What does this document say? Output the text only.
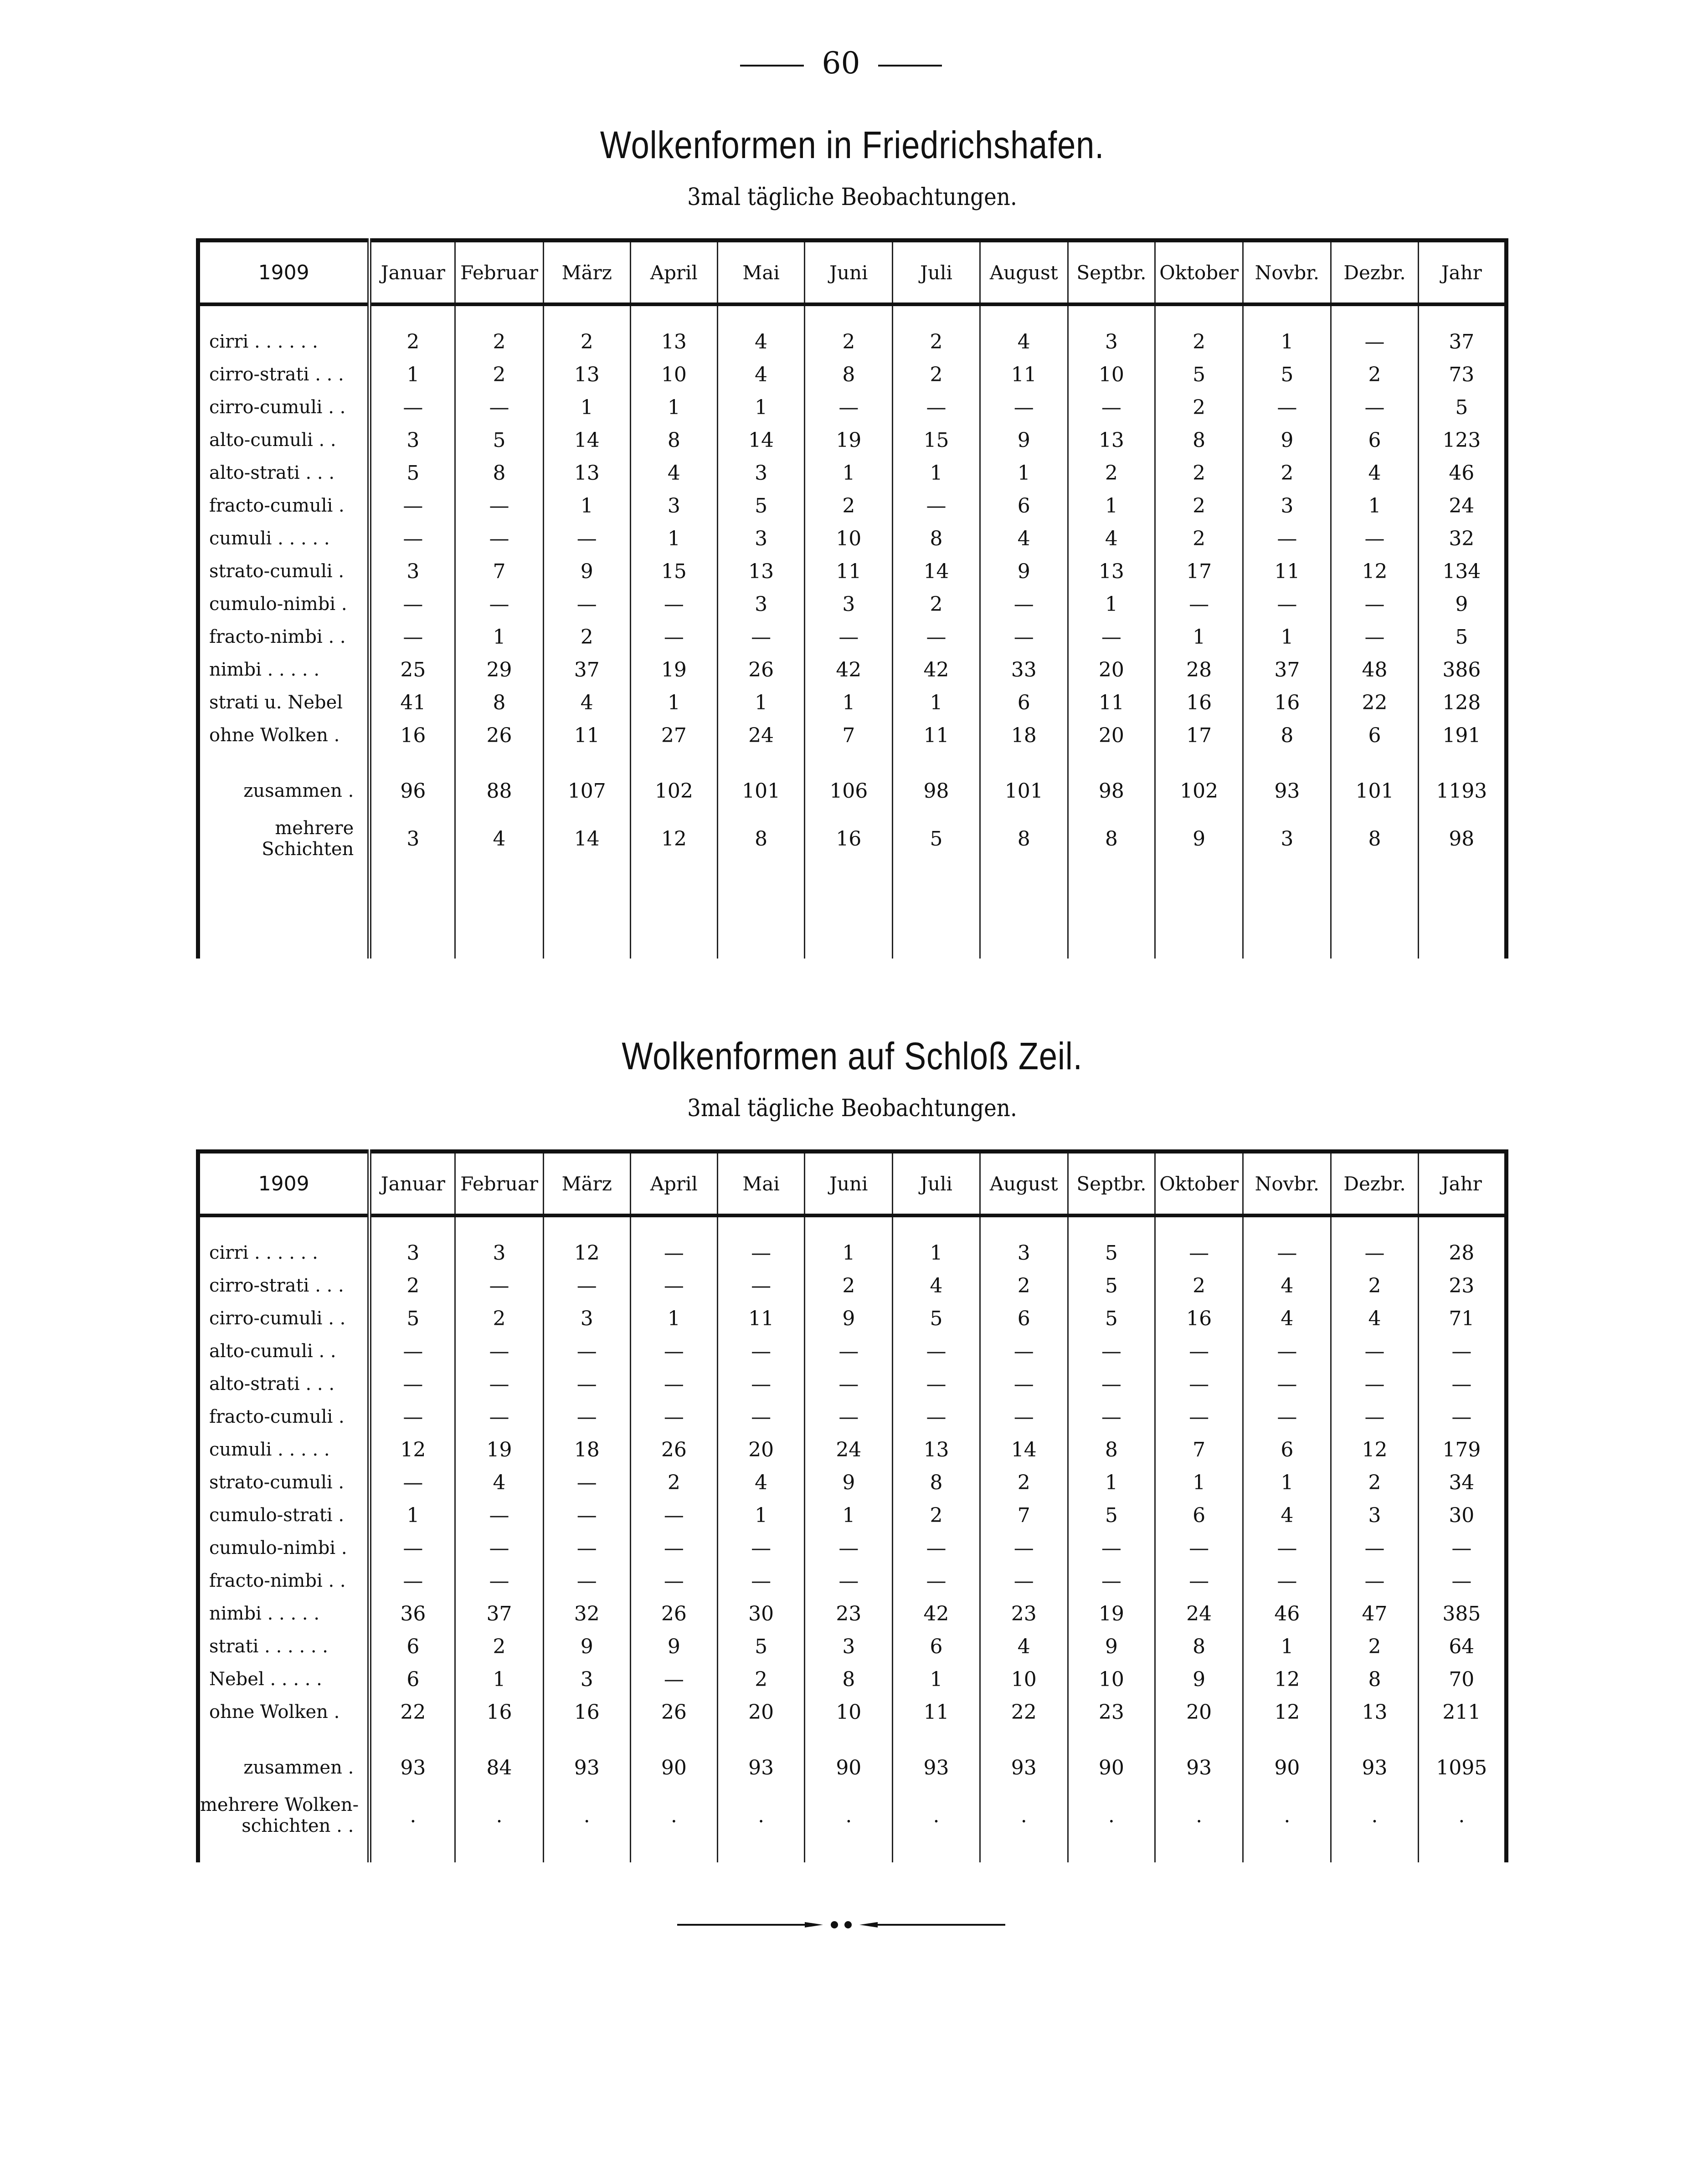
60
Wolkenformen in Friedrichshafen.
3mal tägliche Beobachtungen.
1909	Januar	Februar	März	April	Mai	Juni	Juli	August	Septbr.	Oktober	Novbr.	Dezbr.	Jahr

cirri . . . . . .	2	2	2	13	4	2	2	4	3	2	1	—	37
cirro-strati . . .	1	2	13	10	4	8	2	11	10	5	5	2	73
cirro-cumuli . .	—	—	1	1	1	—	—	—	—	2	—	—	5
alto-cumuli . .	3	5	14	8	14	19	15	9	13	8	9	6	123
alto-strati . . .	5	8	13	4	3	1	1	1	2	2	2	4	46
fracto-cumuli .	—	—	1	3	5	2	—	6	1	2	3	1	24
cumuli . . . . .	—	—	—	1	3	10	8	4	4	2	—	—	32
strato-cumuli .	3	7	9	15	13	11	14	9	13	17	11	12	134
cumulo-nimbi .	—	—	—	—	3	3	2	—	1	—	—	—	9
fracto-nimbi . .	—	1	2	—	—	—	—	—	—	1	1	—	5
nimbi . . . . .	25	29	37	19	26	42	42	33	20	28	37	48	386
strati u. Nebel	41	8	4	1	1	1	1	6	11	16	16	22	128
ohne Wolken .	16	26	11	27	24	7	11	18	20	17	8	6	191

zusammen .	96	88	107	102	101	106	98	101	98	102	93	101	1193

mehrere
Schichten	3	4	14	12	8	16	5	8	8	9	3	8	98

Wolkenformen auf Schloß Zeil.
3mal tägliche Beobachtungen.
1909	Januar	Februar	März	April	Mai	Juni	Juli	August	Septbr.	Oktober	Novbr.	Dezbr.	Jahr

cirri . . . . . .	3	3	12	—	—	1	1	3	5	—	—	—	28
cirro-strati . . .	2	—	—	—	—	2	4	2	5	2	4	2	23
cirro-cumuli . .	5	2	3	1	11	9	5	6	5	16	4	4	71
alto-cumuli . .	—	—	—	—	—	—	—	—	—	—	—	—	—
alto-strati . . .	—	—	—	—	—	—	—	—	—	—	—	—	—
fracto-cumuli .	—	—	—	—	—	—	—	—	—	—	—	—	—
cumuli . . . . .	12	19	18	26	20	24	13	14	8	7	6	12	179
strato-cumuli .	—	4	—	2	4	9	8	2	1	1	1	2	34
cumulo-strati .	1	—	—	—	1	1	2	7	5	6	4	3	30
cumulo-nimbi .	—	—	—	—	—	—	—	—	—	—	—	—	—
fracto-nimbi . .	—	—	—	—	—	—	—	—	—	—	—	—	—
nimbi . . . . .	36	37	32	26	30	23	42	23	19	24	46	47	385
strati . . . . . .	6	2	9	9	5	3	6	4	9	8	1	2	64
Nebel . . . . .	6	1	3	—	2	8	1	10	10	9	12	8	70
ohne Wolken .	22	16	16	26	20	10	11	22	23	20	12	13	211

zusammen .	93	84	93	90	93	90	93	93	90	93	90	93	1095

mehrere Wolken-
schichten . .	.	.	.	.	.	.	.	.	.	.	.	.	.
